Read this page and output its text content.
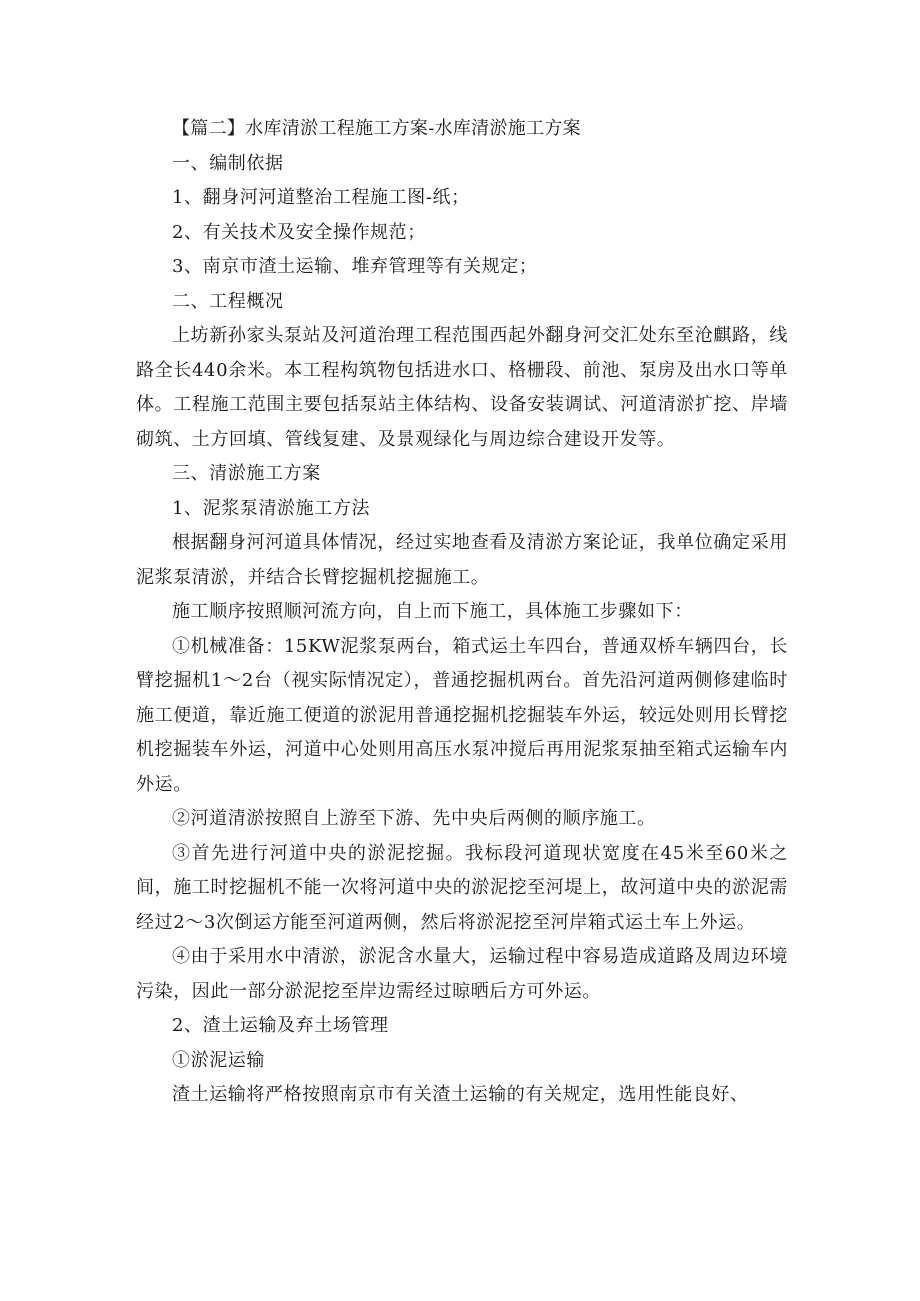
【篇二】水库清淤工程施工方案-水库清淤施工方案

一、编制依据

1、翻身河河道整治工程施工图-纸；

2、有关技术及安全操作规范；

3、南京市渣土运输、堆弃管理等有关规定；

二、工程概况

上坊新孙家头泵站及河道治理工程范围西起外翻身河交汇处东至沧麒路，线路全长440余米。本工程构筑物包括进水口、格栅段、前池、泵房及出水口等单体。工程施工范围主要包括泵站主体结构、设备安装调试、河道清淤扩挖、岸墙砌筑、土方回填、管线复建、及景观绿化与周边综合建设开发等。

三、清淤施工方案

1、泥浆泵清淤施工方法

根据翻身河河道具体情况，经过实地查看及清淤方案论证，我单位确定采用泥浆泵清淤，并结合长臂挖掘机挖掘施工。

施工顺序按照顺河流方向，自上而下施工，具体施工步骤如下：

①机械准备：15KW泥浆泵两台，箱式运土车四台，普通双桥车辆四台，长臂挖掘机1～2台（视实际情况定），普通挖掘机两台。首先沿河道两侧修建临时施工便道，靠近施工便道的淤泥用普通挖掘机挖掘装车外运，较远处则用长臂挖机挖掘装车外运，河道中心处则用高压水泵冲搅后再用泥浆泵抽至箱式运输车内外运。

②河道清淤按照自上游至下游、先中央后两侧的顺序施工。

③首先进行河道中央的淤泥挖掘。我标段河道现状宽度在45米至60米之间，施工时挖掘机不能一次将河道中央的淤泥挖至河堤上，故河道中央的淤泥需经过2～3次倒运方能至河道两侧，然后将淤泥挖至河岸箱式运土车上外运。

④由于采用水中清淤，淤泥含水量大，运输过程中容易造成道路及周边环境污染，因此一部分淤泥挖至岸边需经过晾晒后方可外运。

2、渣土运输及弃土场管理

①淤泥运输

渣土运输将严格按照南京市有关渣土运输的有关规定，选用性能良好、
